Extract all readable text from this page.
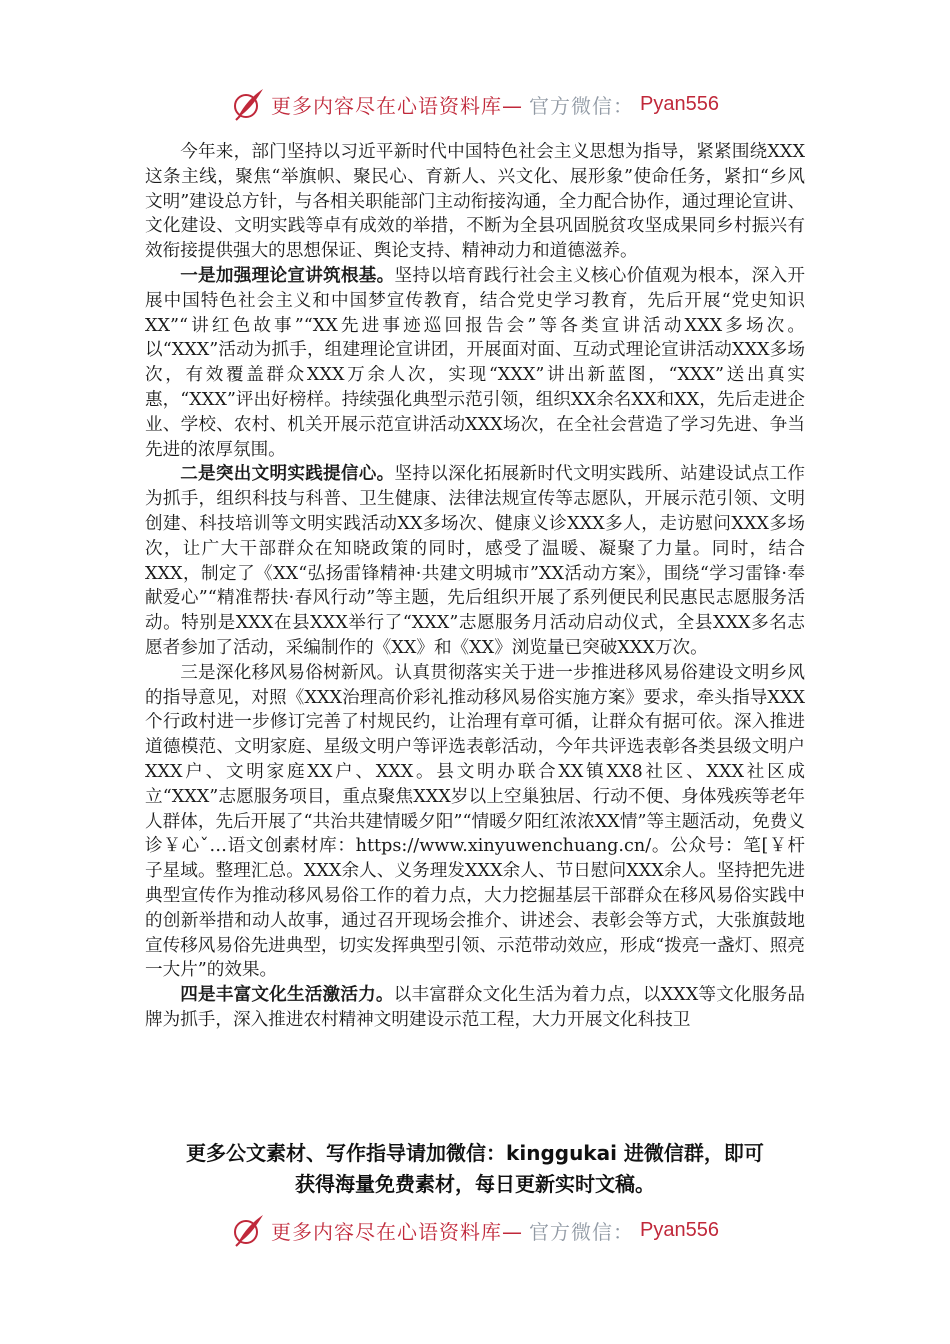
更多内容尽在心语资料库— 官方微信： Pyan556

今年来，部门坚持以习近平新时代中国特色社会主义思想为指导，紧紧围绕XXX这条主线，聚焦“举旗帜、聚民心、育新人、兴文化、展形象”使命任务，紧扣“乡风文明”建设总方针，与各相关职能部门主动衔接沟通，全力配合协作，通过理论宣讲、文化建设、文明实践等卓有成效的举措，不断为全县巩固脱贫攻坚成果同乡村振兴有效衔接提供强大的思想保证、舆论支持、精神动力和道德滋养。

一是加强理论宣讲筑根基。坚持以培育践行社会主义核心价值观为根本，深入开展中国特色社会主义和中国梦宣传教育，结合党史学习教育，先后开展“党史知识XX”“讲红色故事”“XX先进事迹巡回报告会”等各类宣讲活动XXX多场次。以“XXX”活动为抓手，组建理论宣讲团，开展面对面、互动式理论宣讲活动XXX多场次，有效覆盖群众XXX万余人次，实现“XXX”讲出新蓝图，“XXX”送出真实惠，“XXX”评出好榜样。持续强化典型示范引领，组织XX余名XX和XX，先后走进企业、学校、农村、机关开展示范宣讲活动XXX场次，在全社会营造了学习先进、争当先进的浓厚氛围。

二是突出文明实践提信心。坚持以深化拓展新时代文明实践所、站建设试点工作为抓手，组织科技与科普、卫生健康、法律法规宣传等志愿队，开展示范引领、文明创建、科技培训等文明实践活动XX多场次、健康义诊XXX多人，走访慰问XXX多场次，让广大干部群众在知晓政策的同时，感受了温暖、凝聚了力量。同时，结合XXX，制定了《XX“弘扬雷锋精神·共建文明城市”XX活动方案》，围绕“学习雷锋·奉献爱心”“精准帮扶·春风行动”等主题，先后组织开展了系列便民利民惠民志愿服务活动。特别是XXX在县XXX举行了“XXX”志愿服务月活动启动仪式，全县XXX多名志愿者参加了活动，采编制作的《XX》和《XX》浏览量已突破XXX万次。

三是深化移风易俗树新风。认真贯彻落实关于进一步推进移风易俗建设文明乡风的指导意见，对照《XXX治理高价彩礼推动移风易俗实施方案》要求，牵头指导XXX个行政村进一步修订完善了村规民约，让治理有章可循，让群众有据可依。深入推进道德模范、文明家庭、星级文明户等评选表彰活动，今年共评选表彰各类县级文明户XXX户、文明家庭XX户、XXX。县文明办联合XX镇XX8社区、XXX社区成立“XXX”志愿服务项目，重点聚焦XXX岁以上空巢独居、行动不便、身体残疾等老年人群体，先后开展了“共治共建情暖夕阳”“情暖夕阳红浓浓XX情”等主题活动，免费义诊￥心ˇ…语文创素材库：https://www.xinyuwenchuang.cn/。公众号：笔[￥杆子星域。整理汇总。XXX余人、义务理发XXX余人、节日慰问XXX余人。坚持把先进典型宣传作为推动移风易俗工作的着力点，大力挖掘基层干部群众在移风易俗实践中的创新举措和动人故事，通过召开现场会推介、讲述会、表彰会等方式，大张旗鼓地宣传移风易俗先进典型，切实发挥典型引领、示范带动效应，形成“拨亮一盏灯、照亮一大片”的效果。

四是丰富文化生活激活力。以丰富群众文化生活为着力点，以XXX等文化服务品牌为抓手，深入推进农村精神文明建设示范工程，大力开展文化科技卫

更多公文素材、写作指导请加微信：kinggukai 进微信群，即可
获得海量免费素材，每日更新实时文稿。
更多内容尽在心语资料库— 官方微信： Pyan556
